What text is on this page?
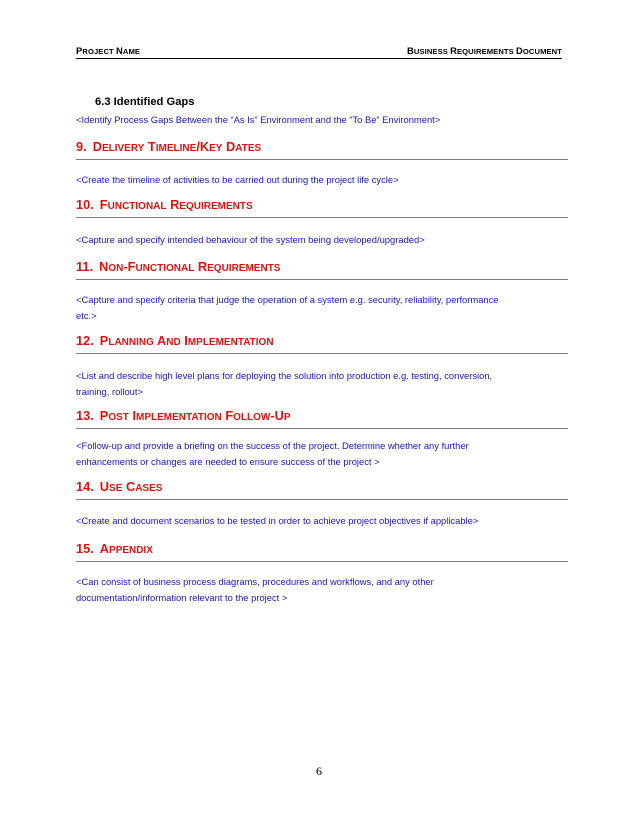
PROJECT NAME	BUSINESS REQUIREMENTS DOCUMENT
6.3 Identified Gaps
<Identify Process Gaps Between the “As Is” Environment and the “To Be” Environment>
9. DELIVERY TIMELINE/KEY DATES
<Create the timeline of activities to be carried out during the project life cycle>
10. FUNCTIONAL REQUIREMENTS
<Capture and specify intended behaviour of the system being developed/upgraded>
11. NON-FUNCTIONAL REQUIREMENTS
<Capture and specify criteria that judge the operation of a system e.g. security, reliability, performance
etc.>
12. PLANNING AND IMPLEMENTATION
<List and describe high level plans for deploying the solution into production e.g. testing, conversion,
training, rollout>
13. POST IMPLEMENTATION FOLLOW-UP
<Follow-up and provide a briefing on the success of the project. Determine whether any further
enhancements or changes are needed to ensure success of the project >
14. USE CASES
<Create and document scenarios to be tested in order to achieve project objectives if applicable>
15. APPENDIX
<Can consist of business process diagrams, procedures and workflows, and any other
documentation/information relevant to the project >
6
